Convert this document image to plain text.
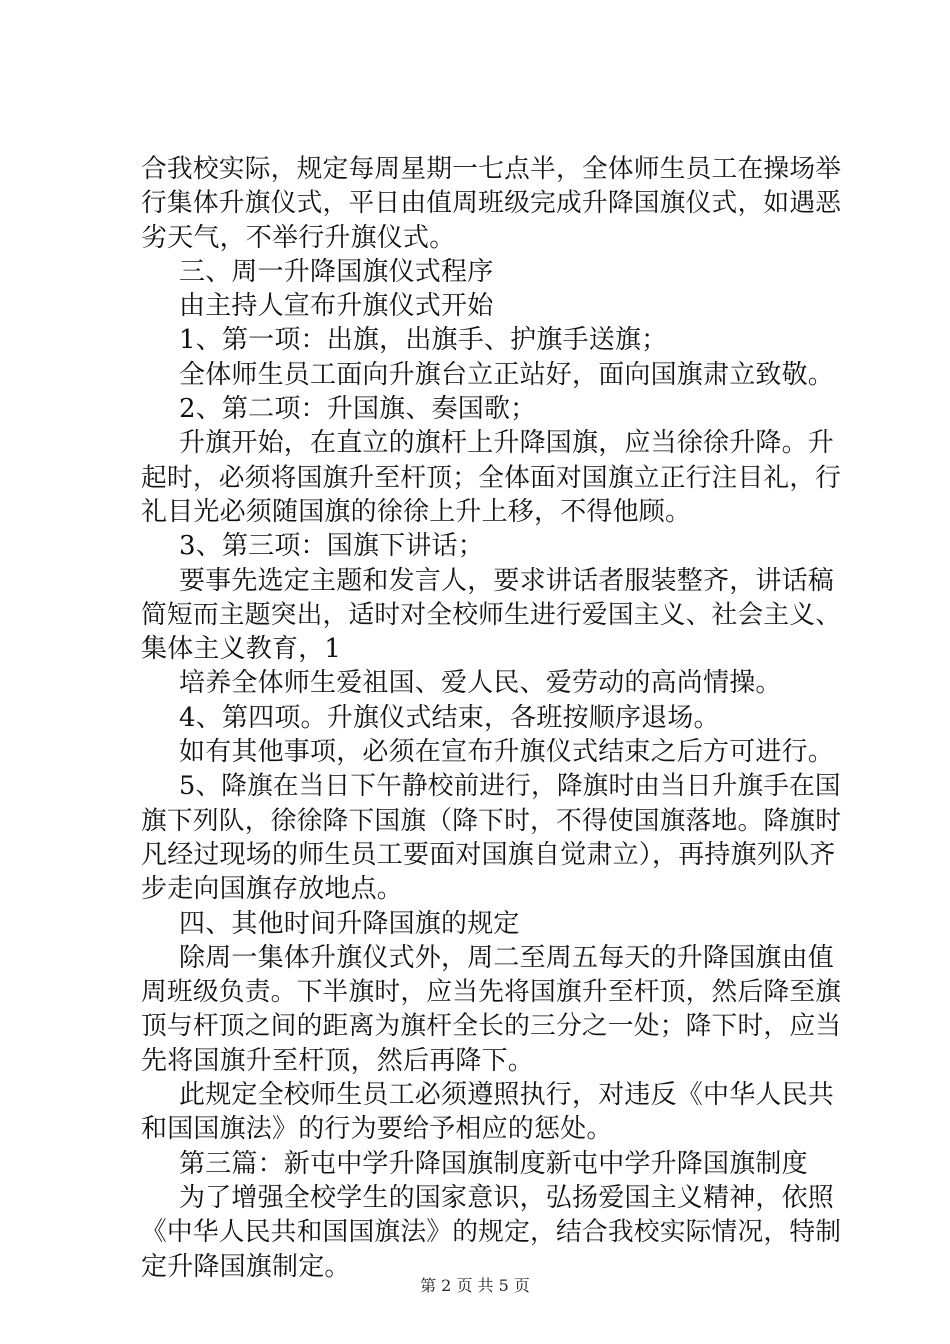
合我校实际，规定每周星期一七点半，全体师生员工在操场举
行集体升旗仪式，平日由值周班级完成升降国旗仪式，如遇恶
劣天气，不举行升旗仪式。
三、周一升降国旗仪式程序
由主持人宣布升旗仪式开始
1、第一项：出旗，出旗手、护旗手送旗；
全体师生员工面向升旗台立正站好，面向国旗肃立致敬。
2、第二项：升国旗、奏国歌；
升旗开始，在直立的旗杆上升降国旗，应当徐徐升降。升
起时，必须将国旗升至杆顶；全体面对国旗立正行注目礼，行
礼目光必须随国旗的徐徐上升上移，不得他顾。
3、第三项：国旗下讲话；
要事先选定主题和发言人，要求讲话者服装整齐，讲话稿
简短而主题突出，适时对全校师生进行爱国主义、社会主义、
集体主义教育，1
培养全体师生爱祖国、爱人民、爱劳动的高尚情操。
4、第四项。升旗仪式结束，各班按顺序退场。
如有其他事项，必须在宣布升旗仪式结束之后方可进行。
5、降旗在当日下午静校前进行，降旗时由当日升旗手在国
旗下列队，徐徐降下国旗（降下时，不得使国旗落地。降旗时
凡经过现场的师生员工要面对国旗自觉肃立），再持旗列队齐
步走向国旗存放地点。
四、其他时间升降国旗的规定
除周一集体升旗仪式外，周二至周五每天的升降国旗由值
周班级负责。下半旗时，应当先将国旗升至杆顶，然后降至旗
顶与杆顶之间的距离为旗杆全长的三分之一处；降下时，应当
先将国旗升至杆顶，然后再降下。
此规定全校师生员工必须遵照执行，对违反《中华人民共
和国国旗法》的行为要给予相应的惩处。
第三篇：新屯中学升降国旗制度新屯中学升降国旗制度
为了增强全校学生的国家意识，弘扬爱国主义精神，依照
《中华人民共和国国旗法》的规定，结合我校实际情况，特制
定升降国旗制定。
第 2 页 共 5 页
